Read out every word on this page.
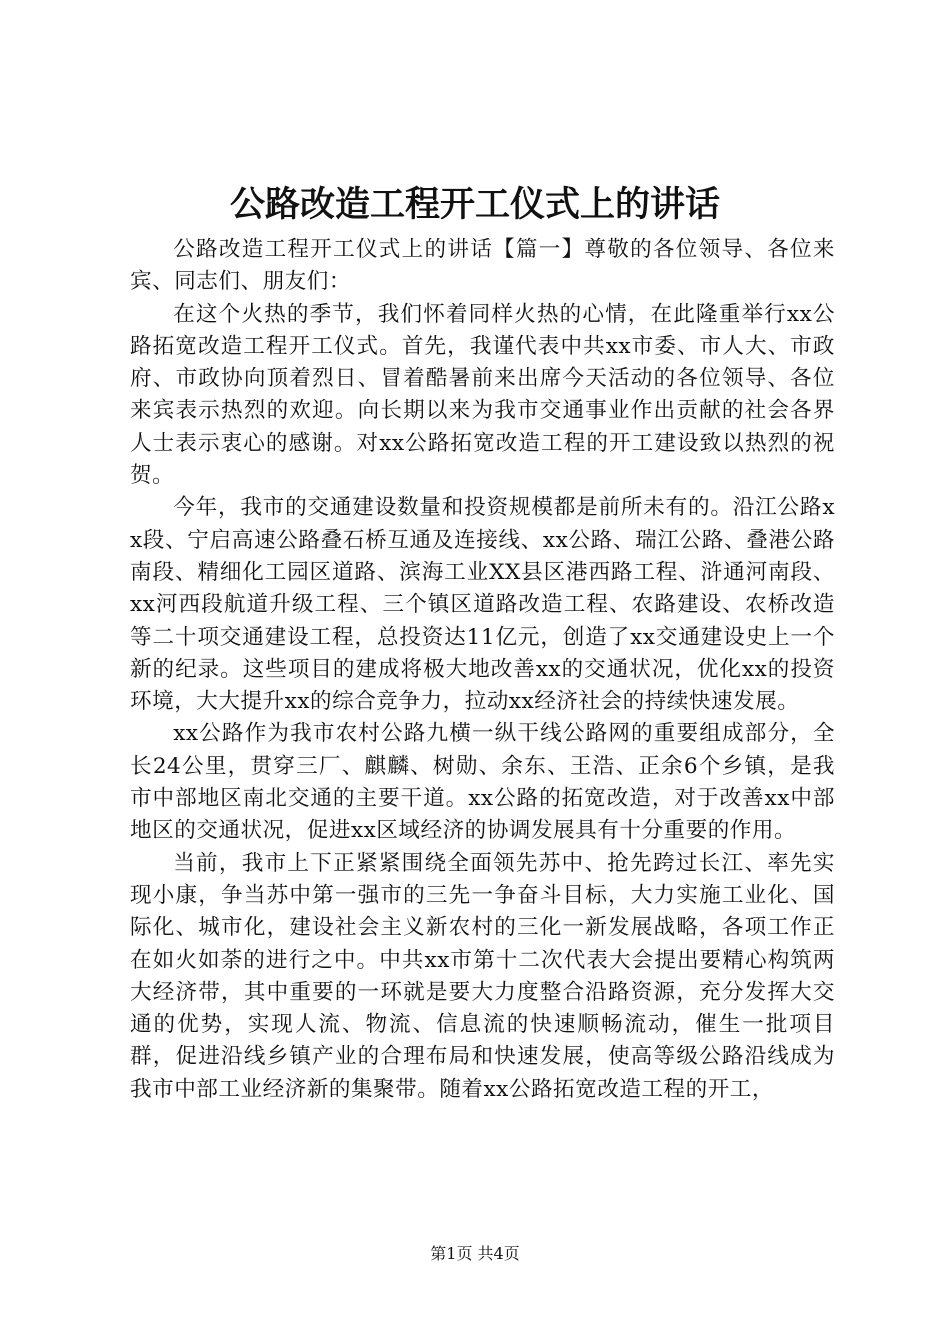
公路改造工程开工仪式上的讲话

公路改造工程开工仪式上的讲话【篇一】尊敬的各位领导、各位来宾、同志们、朋友们：

在这个火热的季节，我们怀着同样火热的心情，在此隆重举行xx公路拓宽改造工程开工仪式。首先，我谨代表中共xx市委、市人大、市政府、市政协向顶着烈日、冒着酷暑前来出席今天活动的各位领导、各位来宾表示热烈的欢迎。向长期以来为我市交通事业作出贡献的社会各界人士表示衷心的感谢。对xx公路拓宽改造工程的开工建设致以热烈的祝贺。

今年，我市的交通建设数量和投资规模都是前所未有的。沿江公路xx段、宁启高速公路叠石桥互通及连接线、xx公路、瑞江公路、叠港公路南段、精细化工园区道路、滨海工业XX县区港西路工程、浒通河南段、xx河西段航道升级工程、三个镇区道路改造工程、农路建设、农桥改造等二十项交通建设工程，总投资达11亿元，创造了xx交通建设史上一个新的纪录。这些项目的建成将极大地改善xx的交通状况，优化xx的投资环境，大大提升xx的综合竞争力，拉动xx经济社会的持续快速发展。

xx公路作为我市农村公路九横一纵干线公路网的重要组成部分，全长24公里，贯穿三厂、麒麟、树勋、余东、王浩、正余6个乡镇，是我市中部地区南北交通的主要干道。xx公路的拓宽改造，对于改善xx中部地区的交通状况，促进xx区域经济的协调发展具有十分重要的作用。

当前，我市上下正紧紧围绕全面领先苏中、抢先跨过长江、率先实现小康，争当苏中第一强市的三先一争奋斗目标，大力实施工业化、国际化、城市化，建设社会主义新农村的三化一新发展战略，各项工作正在如火如荼的进行之中。中共xx市第十二次代表大会提出要精心构筑两大经济带，其中重要的一环就是要大力度整合沿路资源，充分发挥大交通的优势，实现人流、物流、信息流的快速顺畅流动，催生一批项目群，促进沿线乡镇产业的合理布局和快速发展，使高等级公路沿线成为我市中部工业经济新的集聚带。随着xx公路拓宽改造工程的开工，

第1页 共4页
